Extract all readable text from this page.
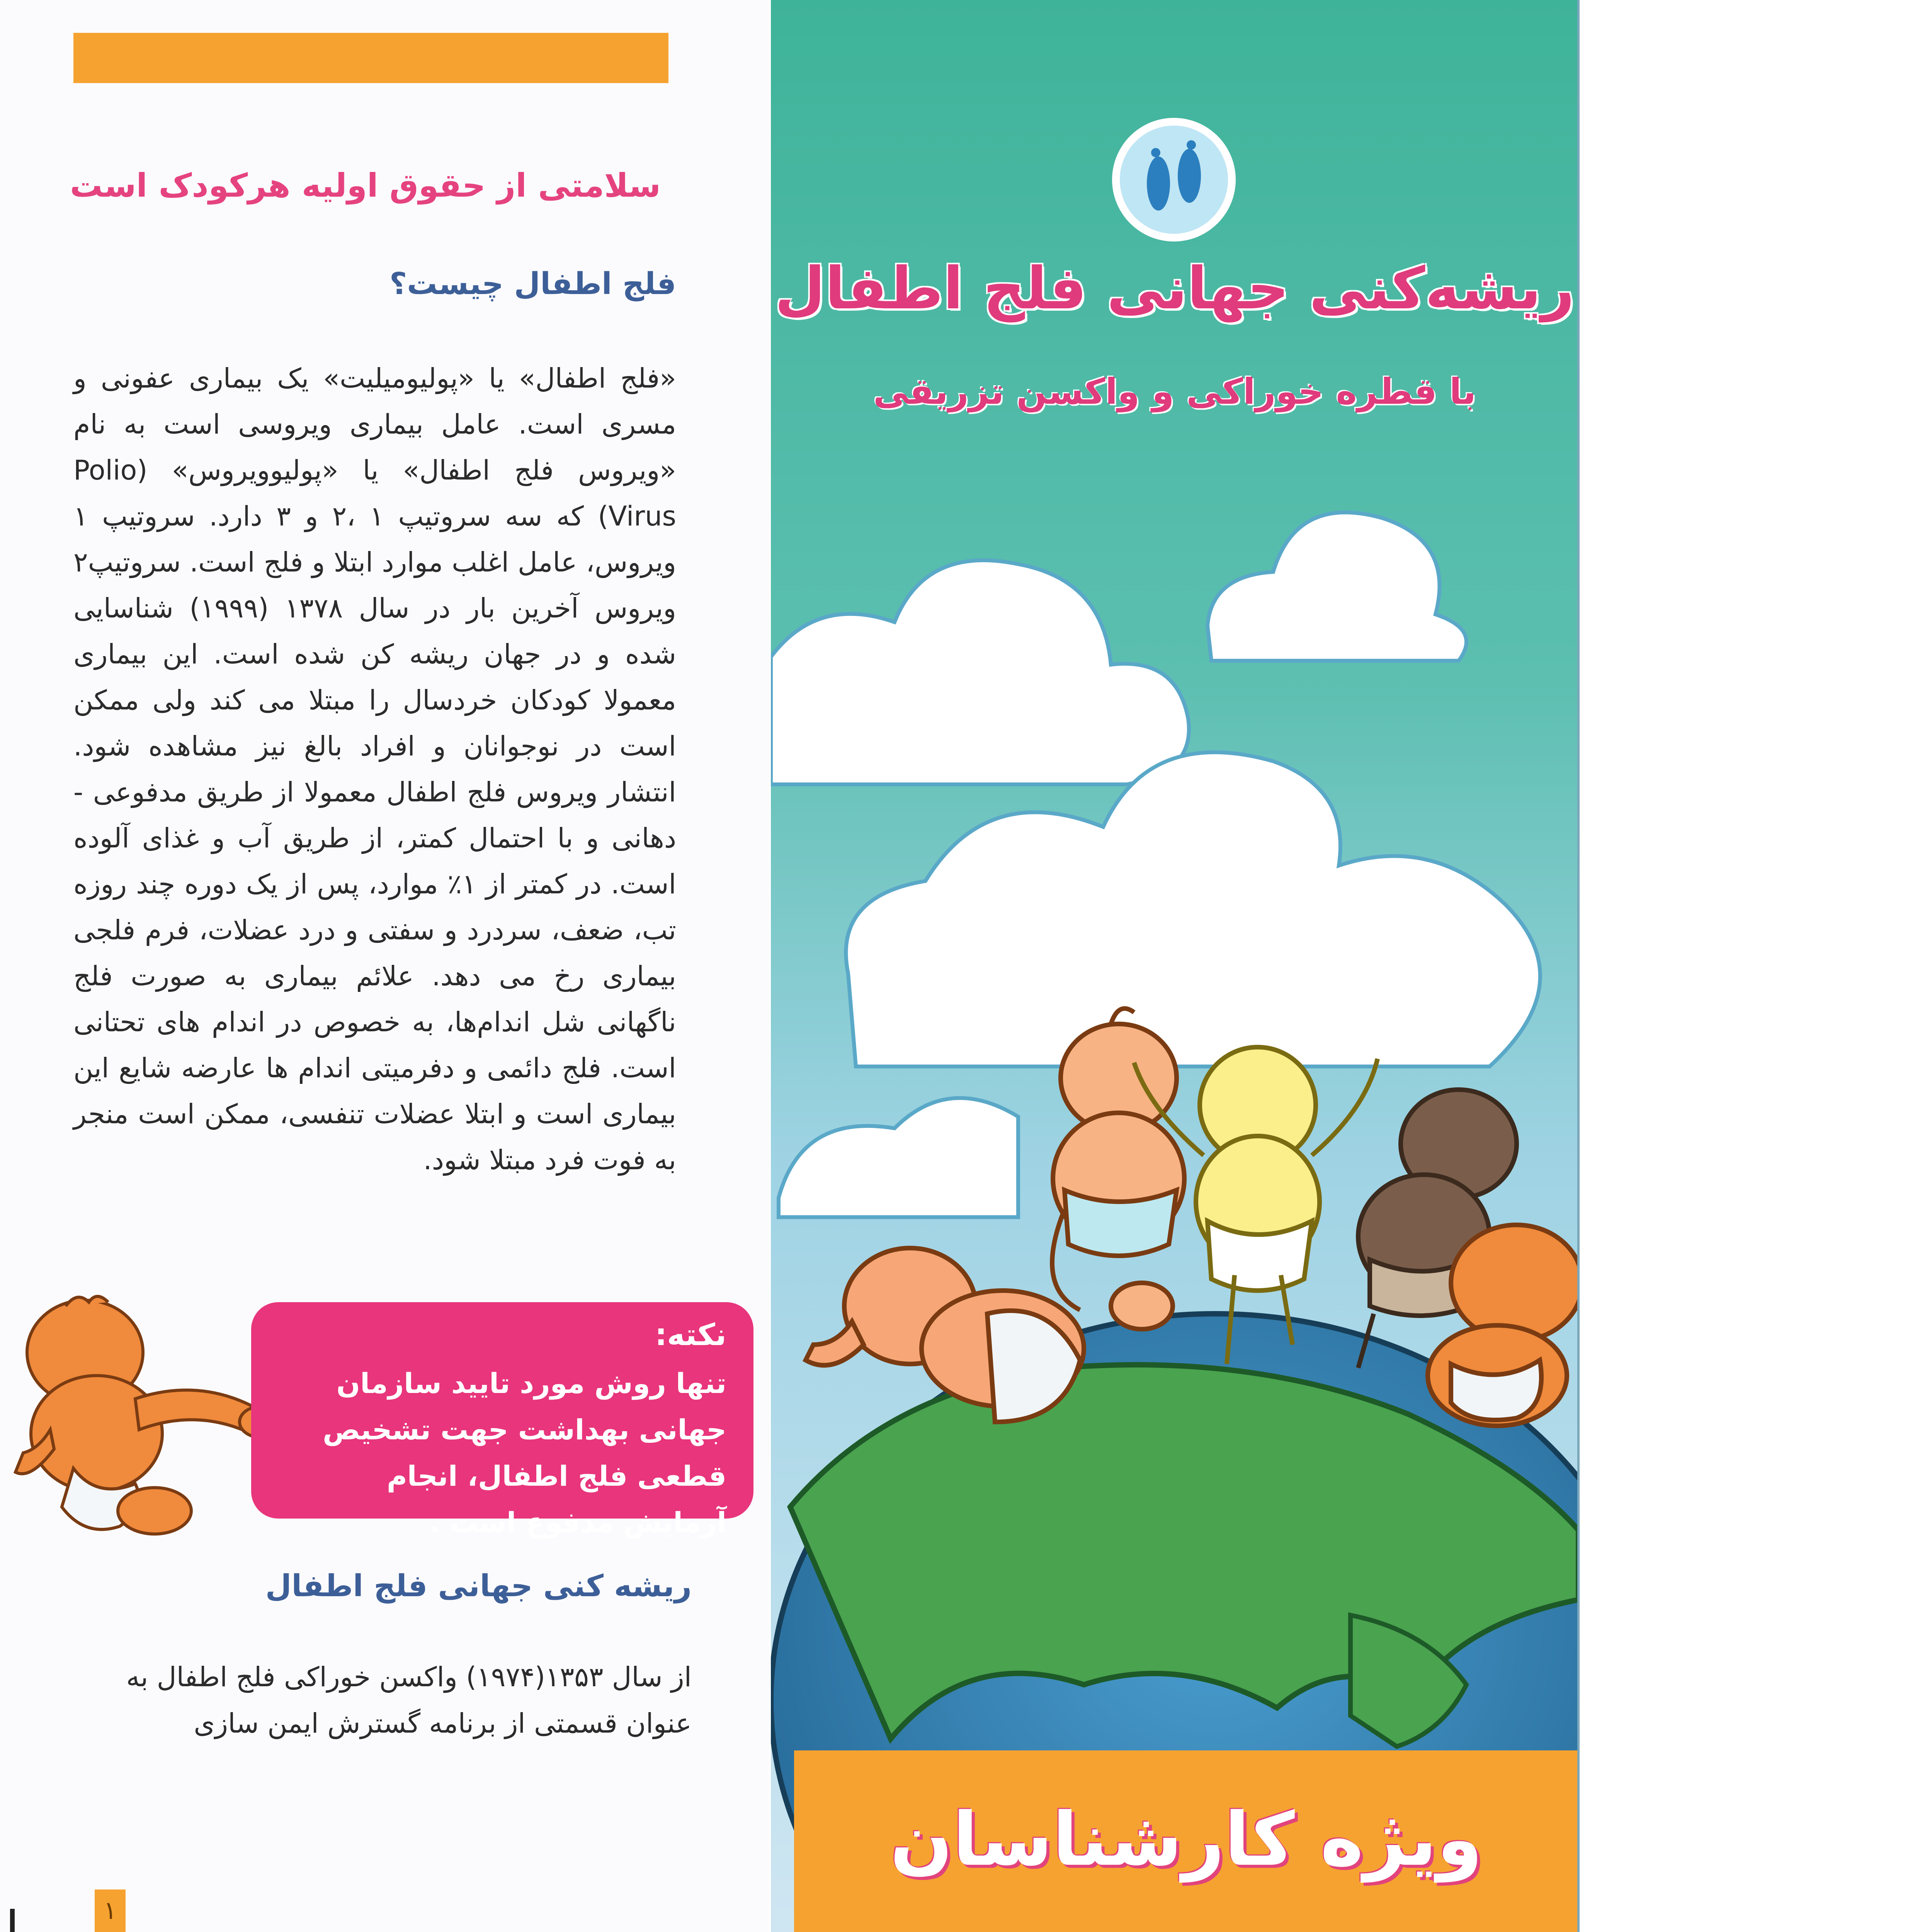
سلامتی از حقوق اولیه هرکودک است
فلج اطفال چیست؟
«فلج اطفال» یا «پولیومیلیت» یک بیماری عفونی و مسری است. عامل بیماری ویروسی است به نام «ویروس فلج اطفال» یا «پولیوویروس» (Polio Virus) که سه سروتیپ ۱ ،۲ و ۳ دارد. سروتیپ ۱ ویروس، عامل اغلب موارد ابتلا و فلج است. سروتیپ۲ ویروس آخرین بار در سال ۱۳۷۸ (۱۹۹۹) شناسایی شده و در جهان ریشه کن شده است. این بیماری معمولا کودکان خردسال را مبتلا می کند ولی ممکن است در نوجوانان و افراد بالغ نیز مشاهده شود. انتشار ویروس فلج اطفال معمولا از طریق مدفوعی - دهانی و با احتمال کمتر، از طریق آب و غذای آلوده است. در کمتر از ۱٪ موارد، پس از یک دوره چند روزه تب، ضعف، سردرد و سفتی و درد عضلات، فرم فلجی بیماری رخ می دهد. علائم بیماری به صورت فلج ناگهانی شل اندام‌ها، به خصوص در اندام های تحتانی است. فلج دائمی و دفرمیتی اندام ها عارضه شایع این بیماری است و ابتلا عضلات تنفسی، ممکن است منجر به فوت فرد مبتلا شود.
نکته:
تنها روش مورد تایید سازمان جهانی بهداشت جهت تشخیص قطعی فلج اطفال، انجام آزمایش مدفوع است .
ریشه کنی جهانی فلج اطفال
از سال ۱۳۵۳(۱۹۷۴) واکسن خوراکی فلج اطفال به عنوان قسمتی از برنامه گسترش ایمن سازی
۱
ریشه‌کنی جهانی فلج اطفال
با قطره خوراکی و واکسن تزریقی
ویژه کارشناسان
